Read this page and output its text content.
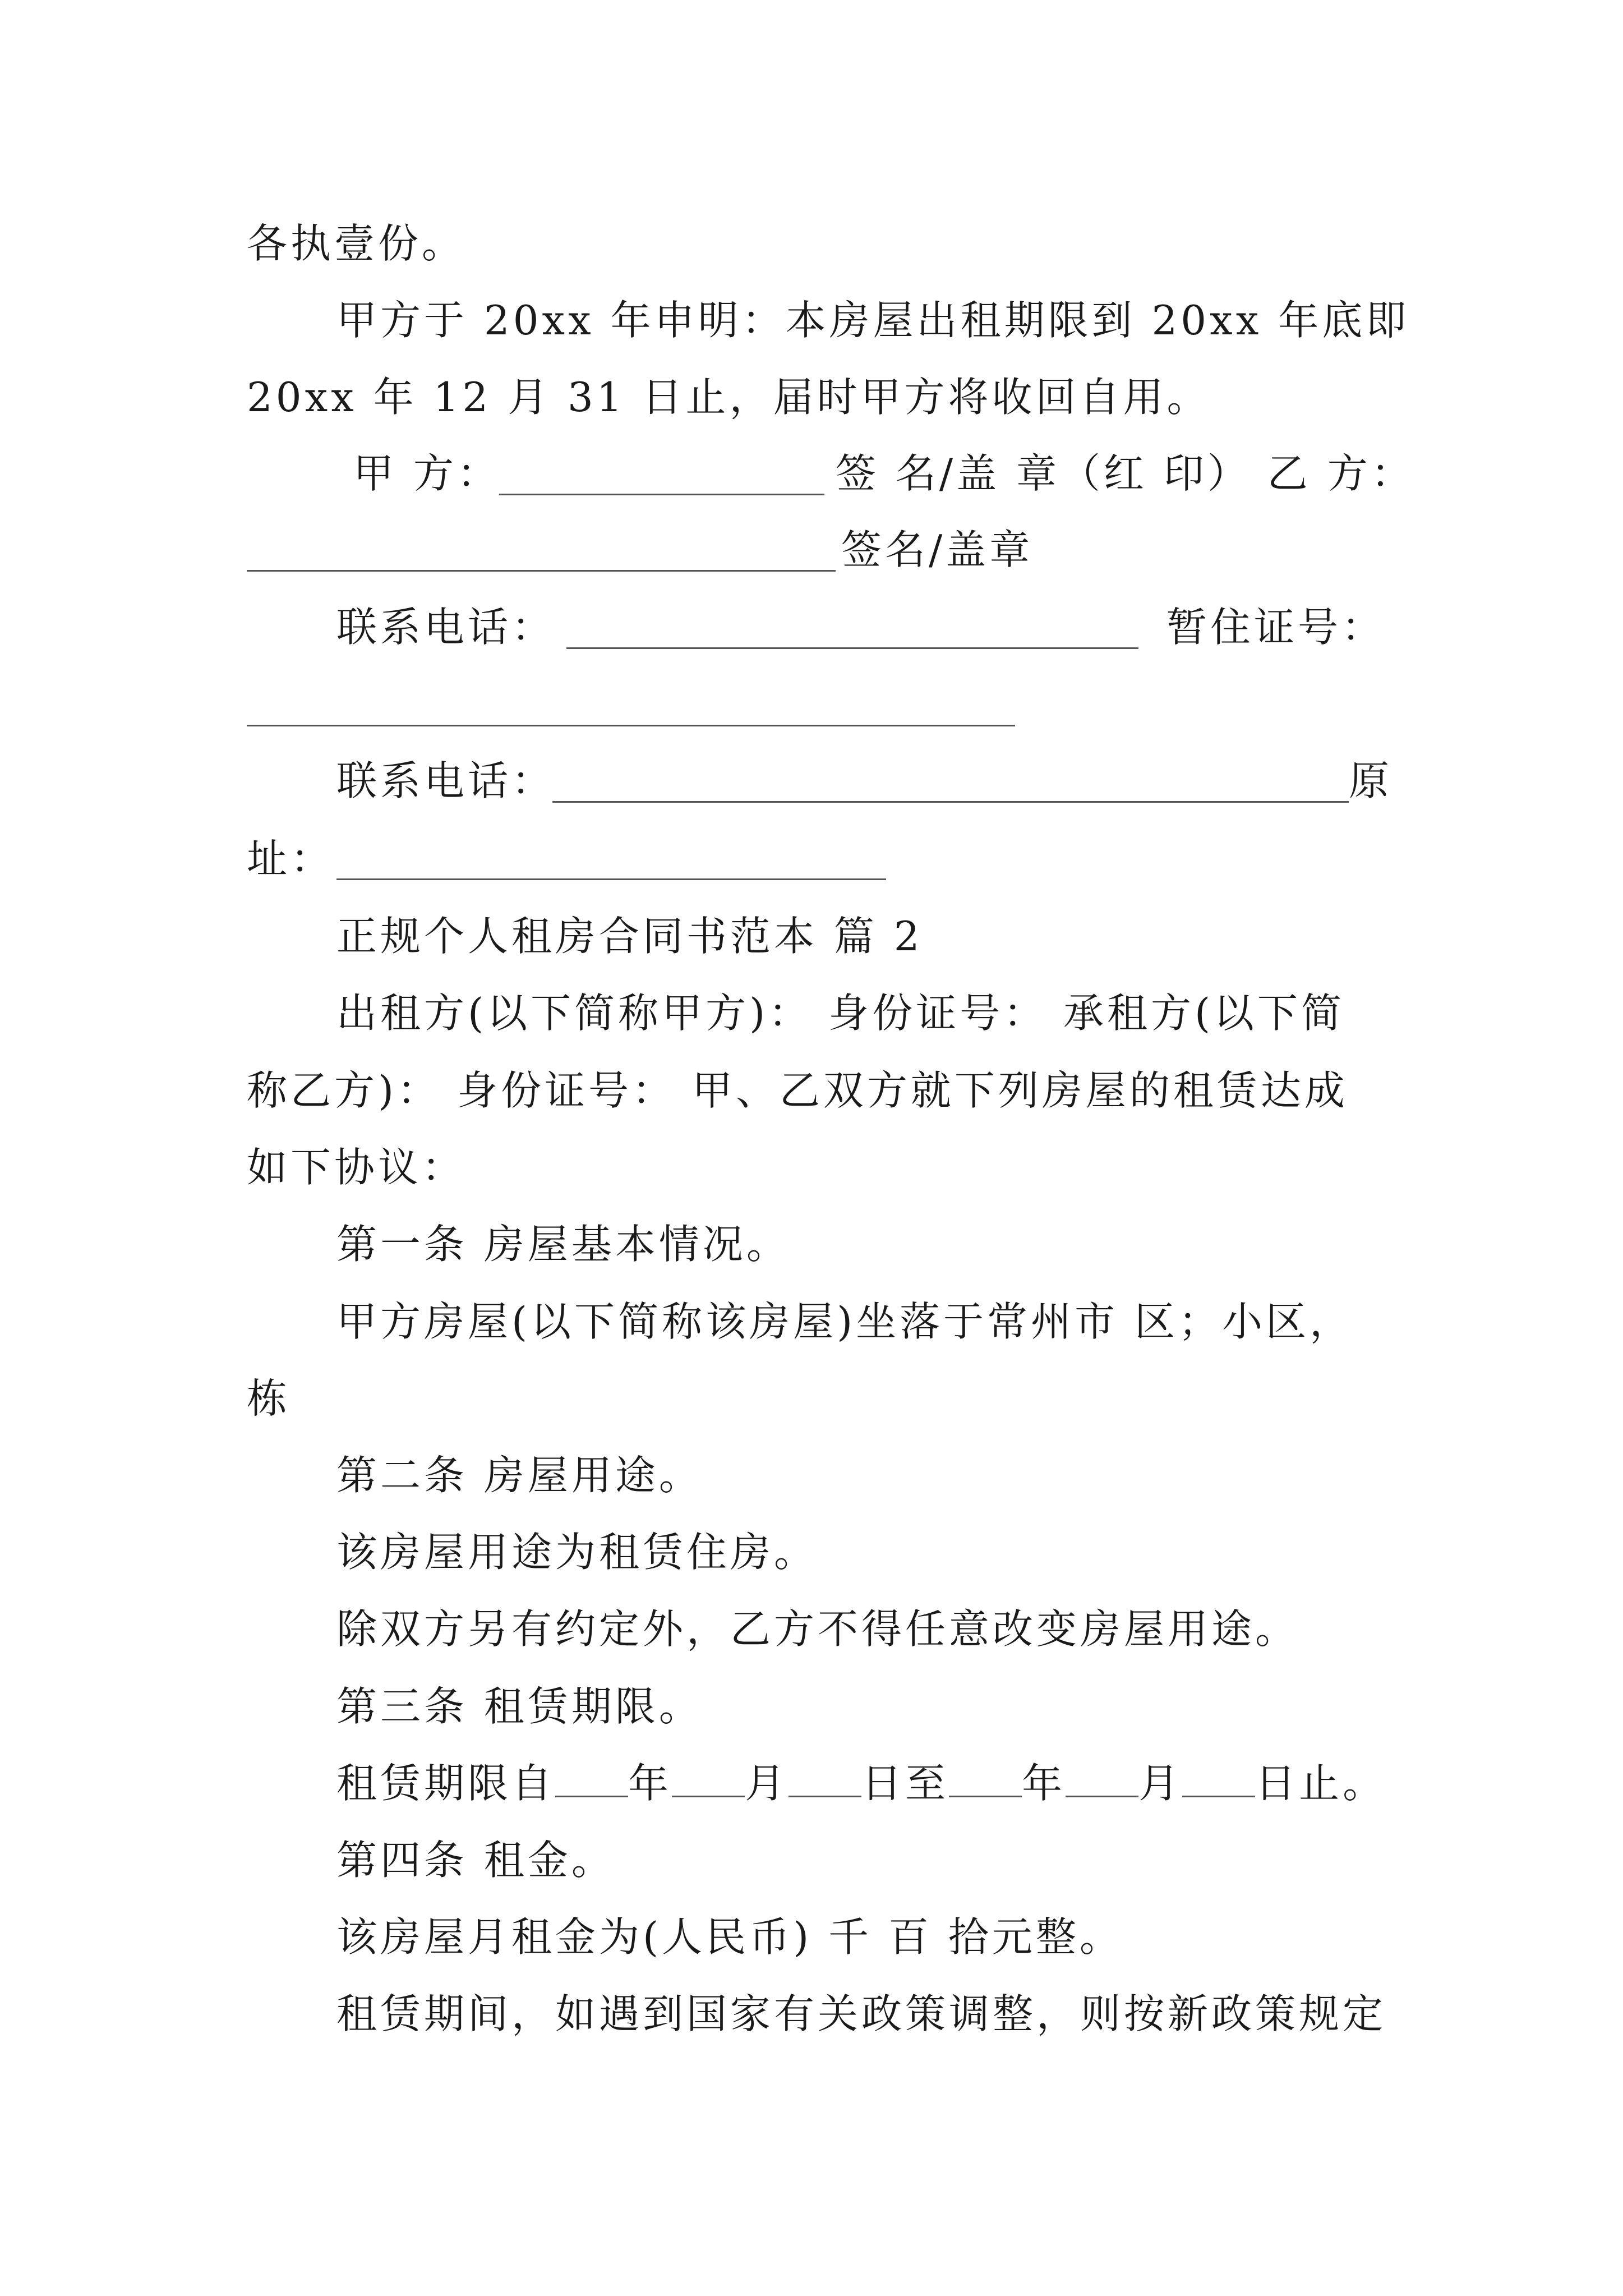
各执壹份。
甲方于 20xx 年申明：本房屋出租期限到 20xx 年底即
20xx 年 12 月 31 日止，届时甲方将收回自用。
甲 方：	签 名/盖 章（红 印） 乙 方：
签名/盖章
联系电话：	暂住证号：
联系电话：	原
址：
正规个人租房合同书范本 篇 2
出租方(以下简称甲方)： 身份证号： 承租方(以下简
称乙方)： 身份证号： 甲、乙双方就下列房屋的租赁达成
如下协议：
第一条 房屋基本情况。
甲方房屋(以下简称该房屋)坐落于常州市 区；小区，
栋
第二条 房屋用途。
该房屋用途为租赁住房。
除双方另有约定外，乙方不得任意改变房屋用途。
第三条 租赁期限。
租赁期限自 年 月 日至 年 月 日止。
第四条 租金。
该房屋月租金为(人民币) 千 百 拾元整。
租赁期间，如遇到国家有关政策调整，则按新政策规定
